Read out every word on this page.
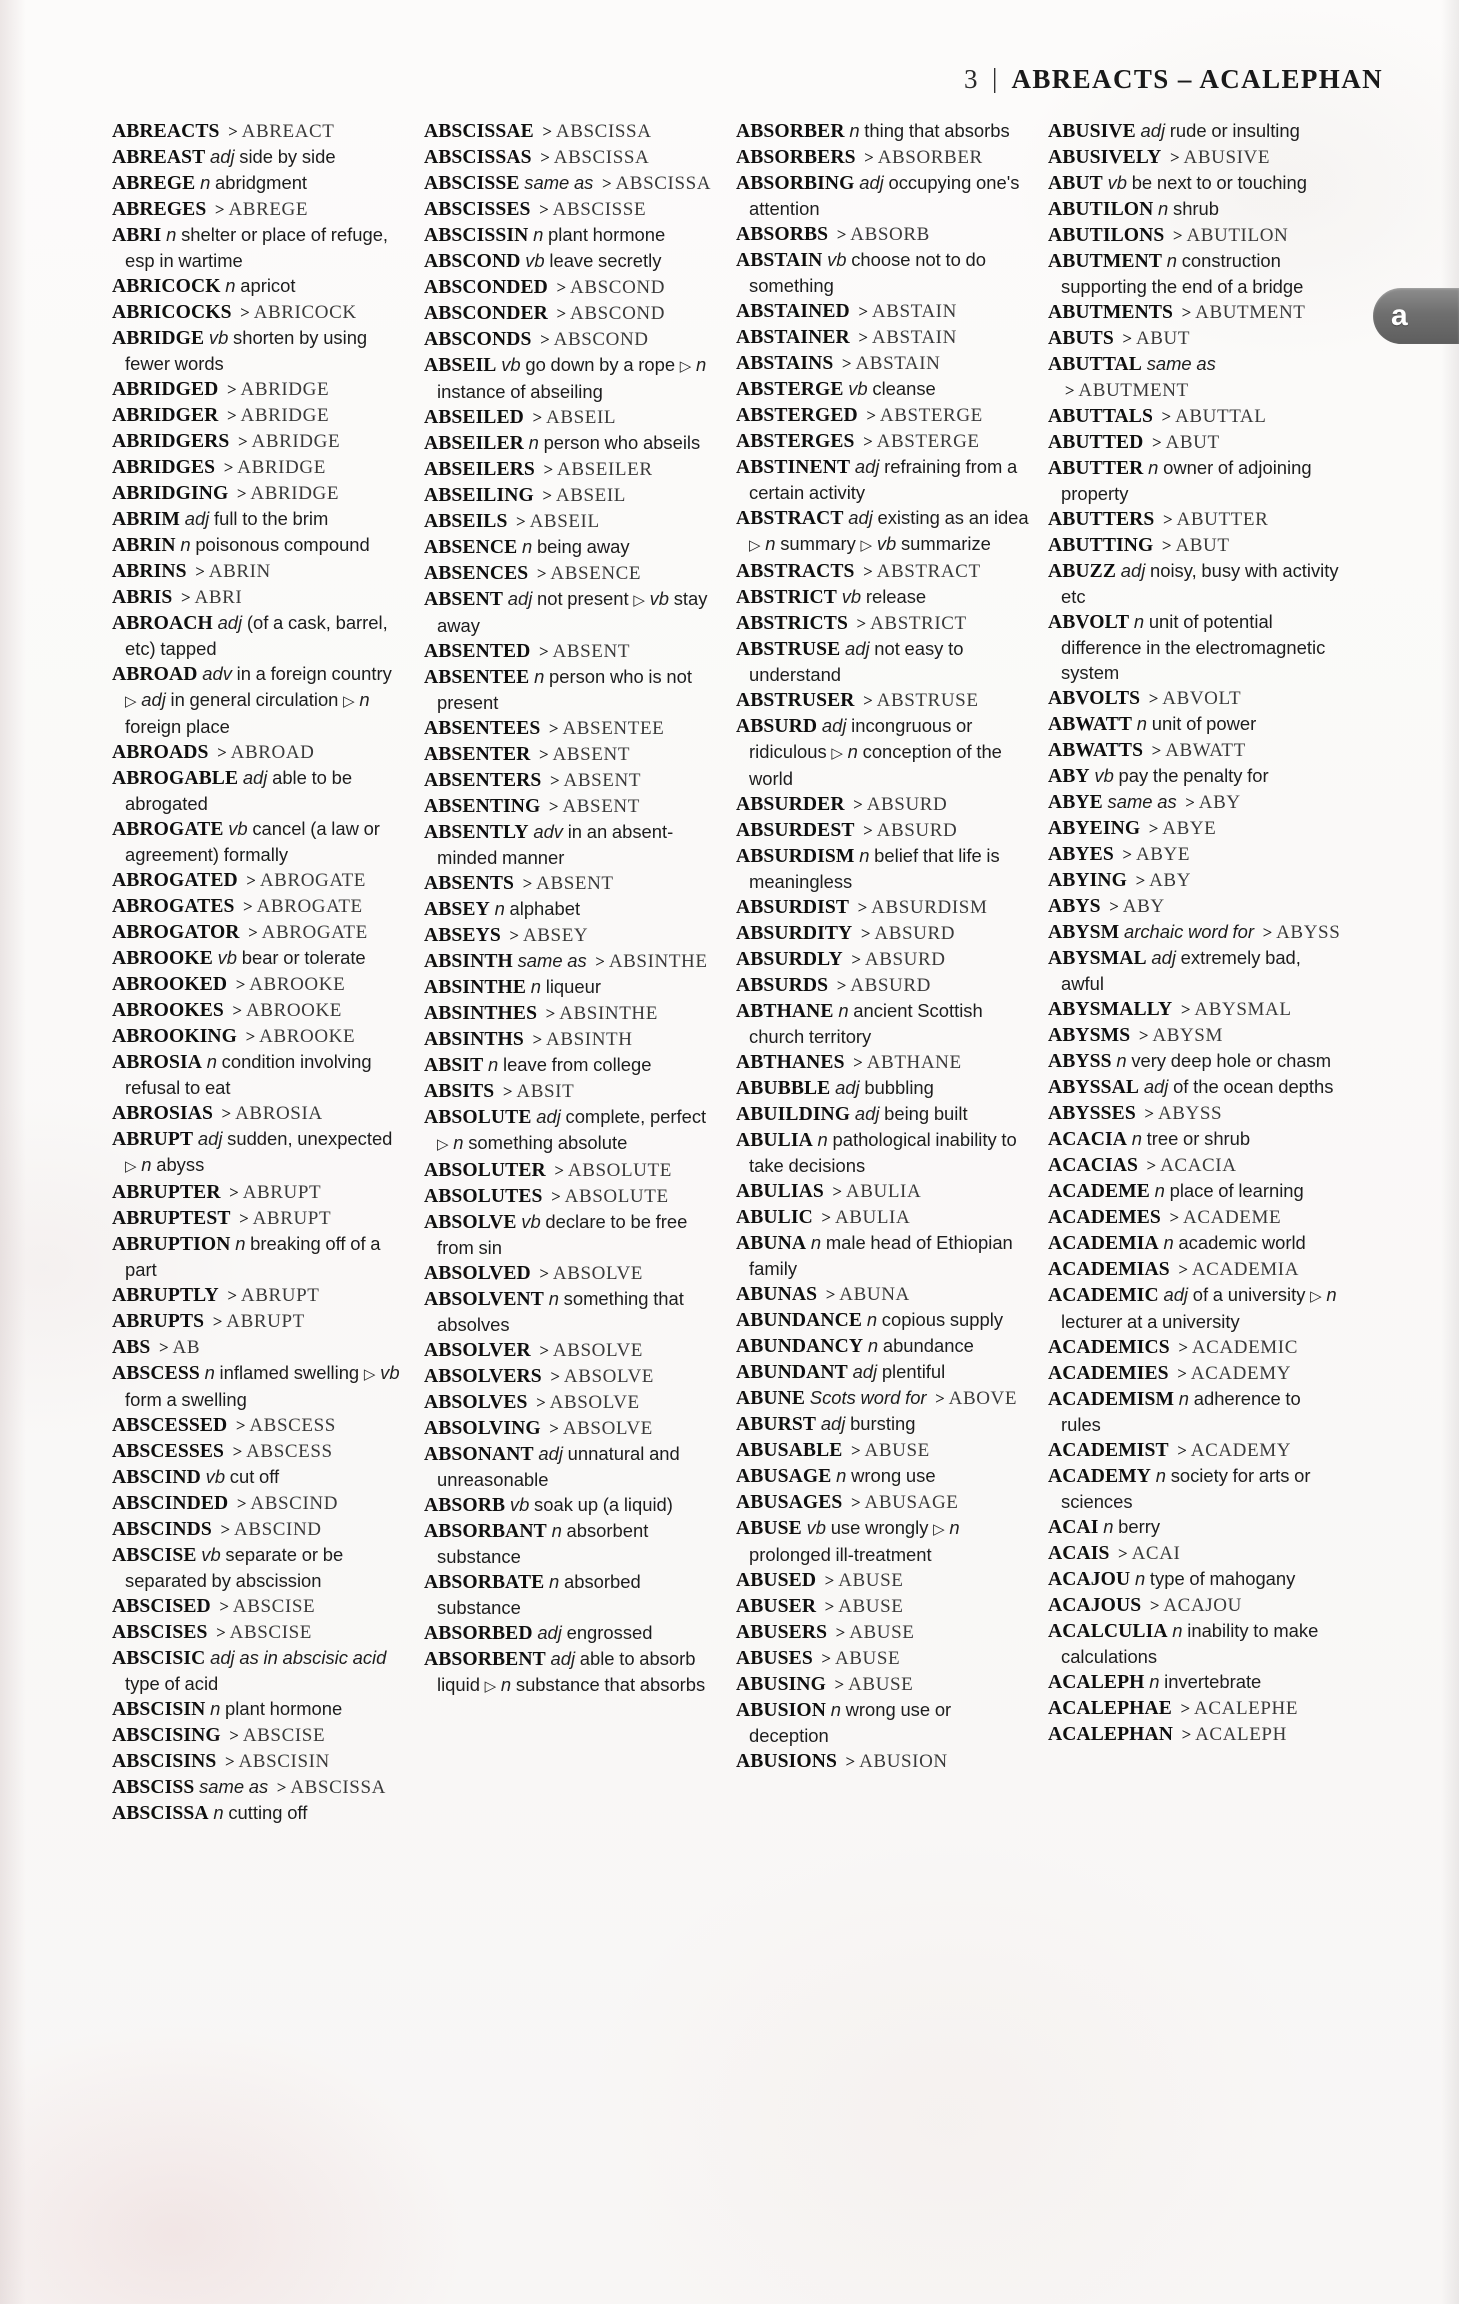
3 | ABREACTS – ACALEPHAN
a

ABREACTS  > ABREACT

ABREAST adj side by side

ABREGE n abridgment

ABREGES  > ABREGE

ABRI n shelter or place of refuge, esp in wartime

ABRICOCK n apricot

ABRICOCKS  > ABRICOCK

ABRIDGE vb shorten by using fewer words

ABRIDGED  > ABRIDGE

ABRIDGER  > ABRIDGE

ABRIDGERS  > ABRIDGE

ABRIDGES  > ABRIDGE

ABRIDGING  > ABRIDGE

ABRIM adj full to the brim

ABRIN n poisonous compound

ABRINS  > ABRIN

ABRIS  > ABRI

ABROACH adj (of a cask, barrel, etc) tapped

ABROAD adv in a foreign country ▷ adj in general circulation ▷ n foreign place

ABROADS  > ABROAD

ABROGABLE adj able to be abrogated

ABROGATE vb cancel (a law or agreement) formally

ABROGATED  > ABROGATE

ABROGATES  > ABROGATE

ABROGATOR  > ABROGATE

ABROOKE vb bear or tolerate

ABROOKED  > ABROOKE

ABROOKES  > ABROOKE

ABROOKING  > ABROOKE

ABROSIA n condition involving refusal to eat

ABROSIAS  > ABROSIA

ABRUPT adj sudden, unexpected ▷ n abyss

ABRUPTER  > ABRUPT

ABRUPTEST  > ABRUPT

ABRUPTION n breaking off of a part

ABRUPTLY  > ABRUPT

ABRUPTS  > ABRUPT

ABS  > AB

ABSCESS n inflamed swelling ▷ vb form a swelling

ABSCESSED  > ABSCESS

ABSCESSES  > ABSCESS

ABSCIND vb cut off

ABSCINDED  > ABSCIND

ABSCINDS  > ABSCIND

ABSCISE vb separate or be separated by abscission

ABSCISED  > ABSCISE

ABSCISES  > ABSCISE

ABSCISIC adj as in abscisic acid type of acid

ABSCISIN n plant hormone

ABSCISING  > ABSCISE

ABSCISINS  > ABSCISIN

ABSCISS same as  > ABSCISSA

ABSCISSA n cutting off

ABSCISSAE  > ABSCISSA

ABSCISSAS  > ABSCISSA

ABSCISSE same as  > ABSCISSA

ABSCISSES  > ABSCISSE

ABSCISSIN n plant hormone

ABSCOND vb leave secretly

ABSCONDED  > ABSCOND

ABSCONDER  > ABSCOND

ABSCONDS  > ABSCOND

ABSEIL vb go down by a rope ▷ n instance of abseiling

ABSEILED  > ABSEIL

ABSEILER n person who abseils

ABSEILERS  > ABSEILER

ABSEILING  > ABSEIL

ABSEILS  > ABSEIL

ABSENCE n being away

ABSENCES  > ABSENCE

ABSENT adj not present ▷ vb stay away

ABSENTED  > ABSENT

ABSENTEE n person who is not present

ABSENTEES  > ABSENTEE

ABSENTER  > ABSENT

ABSENTERS  > ABSENT

ABSENTING  > ABSENT

ABSENTLY adv in an absent-minded manner

ABSENTS  > ABSENT

ABSEY n alphabet

ABSEYS  > ABSEY

ABSINTH same as  > ABSINTHE

ABSINTHE n liqueur

ABSINTHES  > ABSINTHE

ABSINTHS  > ABSINTH

ABSIT n leave from college

ABSITS  > ABSIT

ABSOLUTE adj complete, perfect ▷ n something absolute

ABSOLUTER  > ABSOLUTE

ABSOLUTES  > ABSOLUTE

ABSOLVE vb declare to be free from sin

ABSOLVED  > ABSOLVE

ABSOLVENT n something that absolves

ABSOLVER  > ABSOLVE

ABSOLVERS  > ABSOLVE

ABSOLVES  > ABSOLVE

ABSOLVING  > ABSOLVE

ABSONANT adj unnatural and unreasonable

ABSORB vb soak up (a liquid)

ABSORBANT n absorbent substance

ABSORBATE n absorbed substance

ABSORBED adj engrossed

ABSORBENT adj able to absorb liquid ▷ n substance that absorbs

ABSORBER n thing that absorbs

ABSORBERS  > ABSORBER

ABSORBING adj occupying one's attention

ABSORBS  > ABSORB

ABSTAIN vb choose not to do something

ABSTAINED  > ABSTAIN

ABSTAINER  > ABSTAIN

ABSTAINS  > ABSTAIN

ABSTERGE vb cleanse

ABSTERGED  > ABSTERGE

ABSTERGES  > ABSTERGE

ABSTINENT adj refraining from a certain activity

ABSTRACT adj existing as an idea ▷ n summary ▷ vb summarize

ABSTRACTS  > ABSTRACT

ABSTRICT vb release

ABSTRICTS  > ABSTRICT

ABSTRUSE adj not easy to understand

ABSTRUSER  > ABSTRUSE

ABSURD adj incongruous or ridiculous ▷ n conception of the world

ABSURDER  > ABSURD

ABSURDEST  > ABSURD

ABSURDISM n belief that life is meaningless

ABSURDIST  > ABSURDISM

ABSURDITY  > ABSURD

ABSURDLY  > ABSURD

ABSURDS  > ABSURD

ABTHANE n ancient Scottish church territory

ABTHANES  > ABTHANE

ABUBBLE adj bubbling

ABUILDING adj being built

ABULIA n pathological inability to take decisions

ABULIAS  > ABULIA

ABULIC  > ABULIA

ABUNA n male head of Ethiopian family

ABUNAS  > ABUNA

ABUNDANCE n copious supply

ABUNDANCY n abundance

ABUNDANT adj plentiful

ABUNE Scots word for  > ABOVE

ABURST adj bursting

ABUSABLE  > ABUSE

ABUSAGE n wrong use

ABUSAGES  > ABUSAGE

ABUSE vb use wrongly ▷ n prolonged ill-treatment

ABUSED  > ABUSE

ABUSER  > ABUSE

ABUSERS  > ABUSE

ABUSES  > ABUSE

ABUSING  > ABUSE

ABUSION n wrong use or deception

ABUSIONS  > ABUSION

ABUSIVE adj rude or insulting

ABUSIVELY  > ABUSIVE

ABUT vb be next to or touching

ABUTILON n shrub

ABUTILONS  > ABUTILON

ABUTMENT n construction supporting the end of a bridge

ABUTMENTS  > ABUTMENT

ABUTS  > ABUT

ABUTTAL same as  > ABUTMENT

ABUTTALS  > ABUTTAL

ABUTTED  > ABUT

ABUTTER n owner of adjoining property

ABUTTERS  > ABUTTER

ABUTTING  > ABUT

ABUZZ adj noisy, busy with activity etc

ABVOLT n unit of potential difference in the electromagnetic system

ABVOLTS  > ABVOLT

ABWATT n unit of power

ABWATTS  > ABWATT

ABY vb pay the penalty for

ABYE same as  > ABY

ABYEING  > ABYE

ABYES  > ABYE

ABYING  > ABY

ABYS  > ABY

ABYSM archaic word for  > ABYSS

ABYSMAL adj extremely bad, awful

ABYSMALLY  > ABYSMAL

ABYSMS  > ABYSM

ABYSS n very deep hole or chasm

ABYSSAL adj of the ocean depths

ABYSSES  > ABYSS

ACACIA n tree or shrub

ACACIAS  > ACACIA

ACADEME n place of learning

ACADEMES  > ACADEME

ACADEMIA n academic world

ACADEMIAS  > ACADEMIA

ACADEMIC adj of a university ▷ n lecturer at a university

ACADEMICS  > ACADEMIC

ACADEMIES  > ACADEMY

ACADEMISM n adherence to rules

ACADEMIST  > ACADEMY

ACADEMY n society for arts or sciences

ACAI n berry

ACAIS  > ACAI

ACAJOU n type of mahogany

ACAJOUS  > ACAJOU

ACALCULIA n inability to make calculations

ACALEPH n invertebrate

ACALEPHAE  > ACALEPHE

ACALEPHAN  > ACALEPH
